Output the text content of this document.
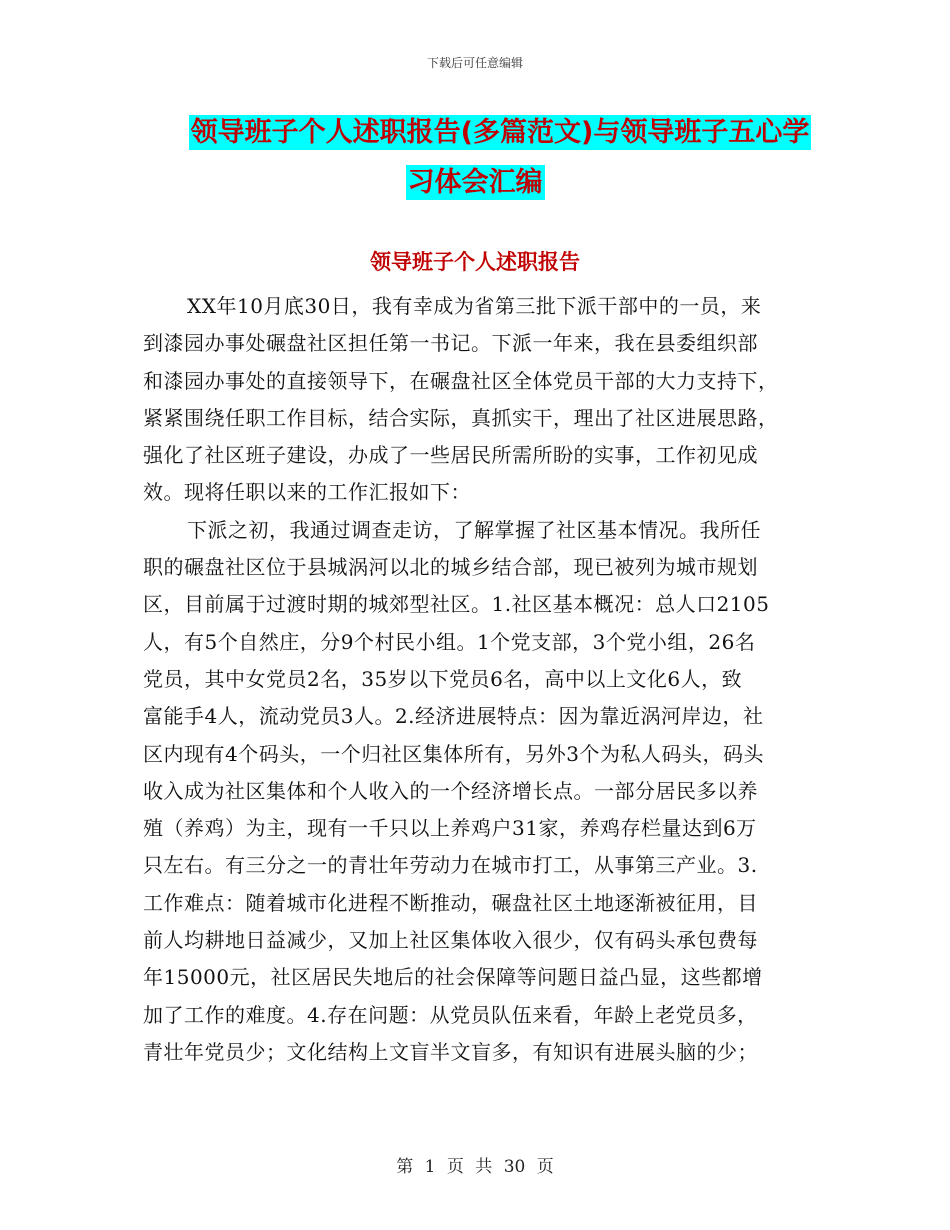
下载后可任意编辑
领导班子个人述职报告(多篇范文)与领导班子五心学
习体会汇编
领导班子个人述职报告
XX年10月底30日，我有幸成为省第三批下派干部中的一员，来
到漆园办事处碾盘社区担任第一书记。下派一年来，我在县委组织部
和漆园办事处的直接领导下，在碾盘社区全体党员干部的大力支持下，
紧紧围绕任职工作目标，结合实际，真抓实干，理出了社区进展思路，
强化了社区班子建设，办成了一些居民所需所盼的实事，工作初见成
效。现将任职以来的工作汇报如下：
下派之初，我通过调查走访，了解掌握了社区基本情况。我所任
职的碾盘社区位于县城涡河以北的城乡结合部，现已被列为城市规划
区，目前属于过渡时期的城郊型社区。1.社区基本概况：总人口2105
人，有5个自然庄，分9个村民小组。1个党支部，3个党小组，26名
党员，其中女党员2名，35岁以下党员6名，高中以上文化6人，致
富能手4人，流动党员3人。2.经济进展特点：因为靠近涡河岸边，社
区内现有4个码头，一个归社区集体所有，另外3个为私人码头，码头
收入成为社区集体和个人收入的一个经济增长点。一部分居民多以养
殖（养鸡）为主，现有一千只以上养鸡户31家，养鸡存栏量达到6万
只左右。有三分之一的青壮年劳动力在城市打工，从事第三产业。3.
工作难点：随着城市化进程不断推动，碾盘社区土地逐渐被征用，目
前人均耕地日益减少，又加上社区集体收入很少，仅有码头承包费每
年15000元，社区居民失地后的社会保障等问题日益凸显，这些都增
加了工作的难度。4.存在问题：从党员队伍来看，年龄上老党员多，
青壮年党员少；文化结构上文盲半文盲多，有知识有进展头脑的少；
第 1 页 共 30 页
